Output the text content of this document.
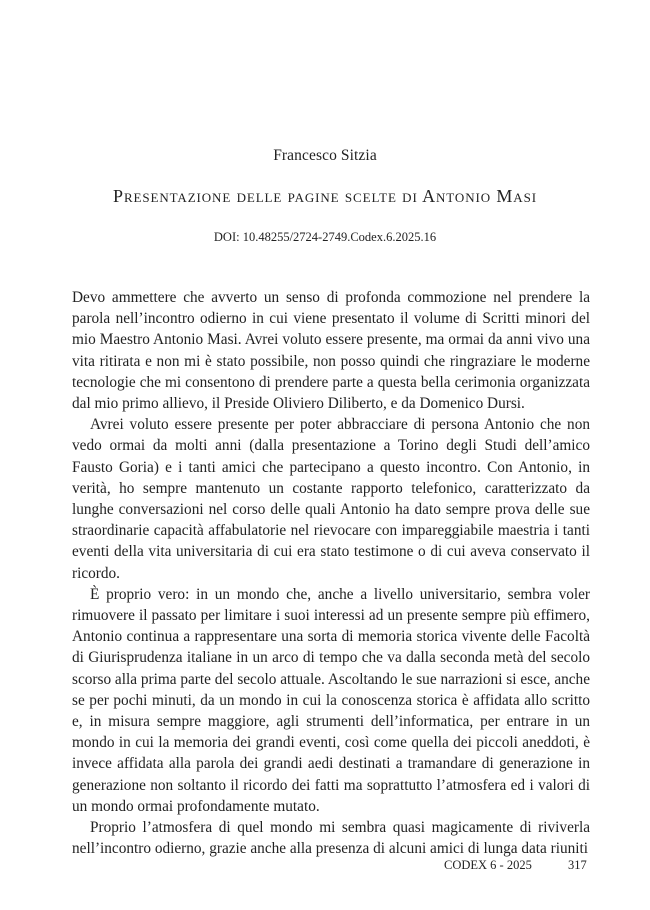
Francesco Sitzia
Presentazione delle pagine scelte di Antonio Masi
DOI: 10.48255/2724-2749.Codex.6.2025.16

Devo ammettere che avverto un senso di profonda commozione nel prendere la parola nell’incontro odierno in cui viene presentato il volume di Scritti minori del mio Maestro Antonio Masi. Avrei voluto essere presente, ma ormai da anni vivo una vita ritirata e non mi è stato possibile, non posso quindi che ringraziare le moderne tecnologie che mi consentono di prendere parte a questa bella cerimonia organizzata dal mio primo allievo, il Preside Oliviero Diliberto, e da Domenico Dursi.

Avrei voluto essere presente per poter abbracciare di persona Antonio che non vedo ormai da molti anni (dalla presentazione a Torino degli Studi dell’amico Fausto Goria) e i tanti amici che partecipano a questo incontro. Con Antonio, in verità, ho sempre mantenuto un costante rapporto telefonico, caratterizzato da lunghe conversazioni nel corso delle quali Antonio ha dato sempre prova delle sue straordinarie capacità affabulatorie nel rievocare con impareggiabile maestria i tanti eventi della vita universitaria di cui era stato testimone o di cui aveva conservato il ricordo.

È proprio vero: in un mondo che, anche a livello universitario, sembra voler rimuovere il passato per limitare i suoi interessi ad un presente sempre più effimero, Antonio continua a rappresentare una sorta di memoria storica vivente delle Facoltà di Giurisprudenza italiane in un arco di tempo che va dalla seconda metà del secolo scorso alla prima parte del secolo attuale. Ascoltando le sue narrazioni si esce, anche se per pochi minuti, da un mondo in cui la conoscenza storica è affidata allo scritto e, in misura sempre maggiore, agli strumenti dell’informatica, per entrare in un mondo in cui la memoria dei grandi eventi, così come quella dei piccoli aneddoti, è invece affidata alla parola dei grandi aedi destinati a tramandare di generazione in generazione non soltanto il ricordo dei fatti ma soprattutto l’atmosfera ed i valori di un mondo ormai profondamente mutato.

Proprio l’atmosfera di quel mondo mi sembra quasi magicamente di riviverla nell’incontro odierno, grazie anche alla presenza di alcuni amici di lunga data riuniti

CODEX 6 - 2025	317
